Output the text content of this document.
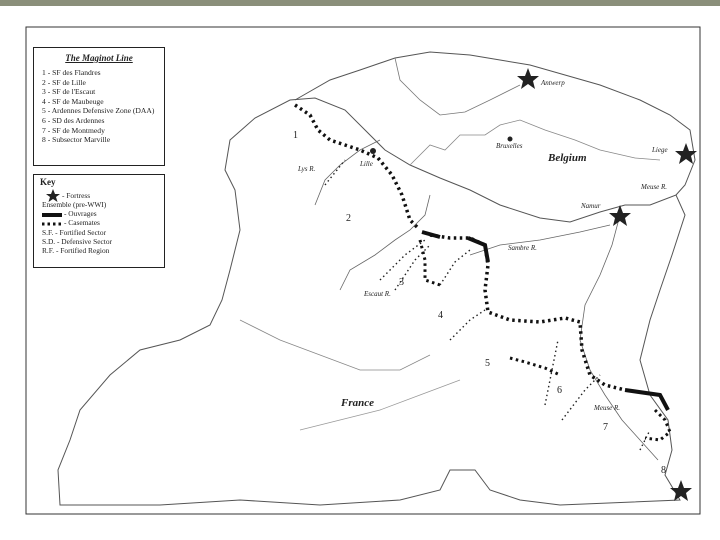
The Maginot Line
1 - SF des Flandres
2 - SF de Lille
3 - SF de l'Escaut
4 - SF de Maubeuge
5 - Ardennes Defensive Zone (DAA)
6 - SD des Ardennes
7 - SF de Montmedy
8 - Subsector Marville
Key
- Fortress
Ensemble (pre-WWI)
- Ouvrages
- Casemates
S.F. - Fortified Sector
S.D. - Defensive Sector
R.F. - Fortified Region
Antwerp
Liege
Namur
Bruxelles
Lille
Lys R.
Escaut R.
Sambre R.
Meuse R.
Meuse R.
Belgium
France
1
2
3
4
5
6
7
8
